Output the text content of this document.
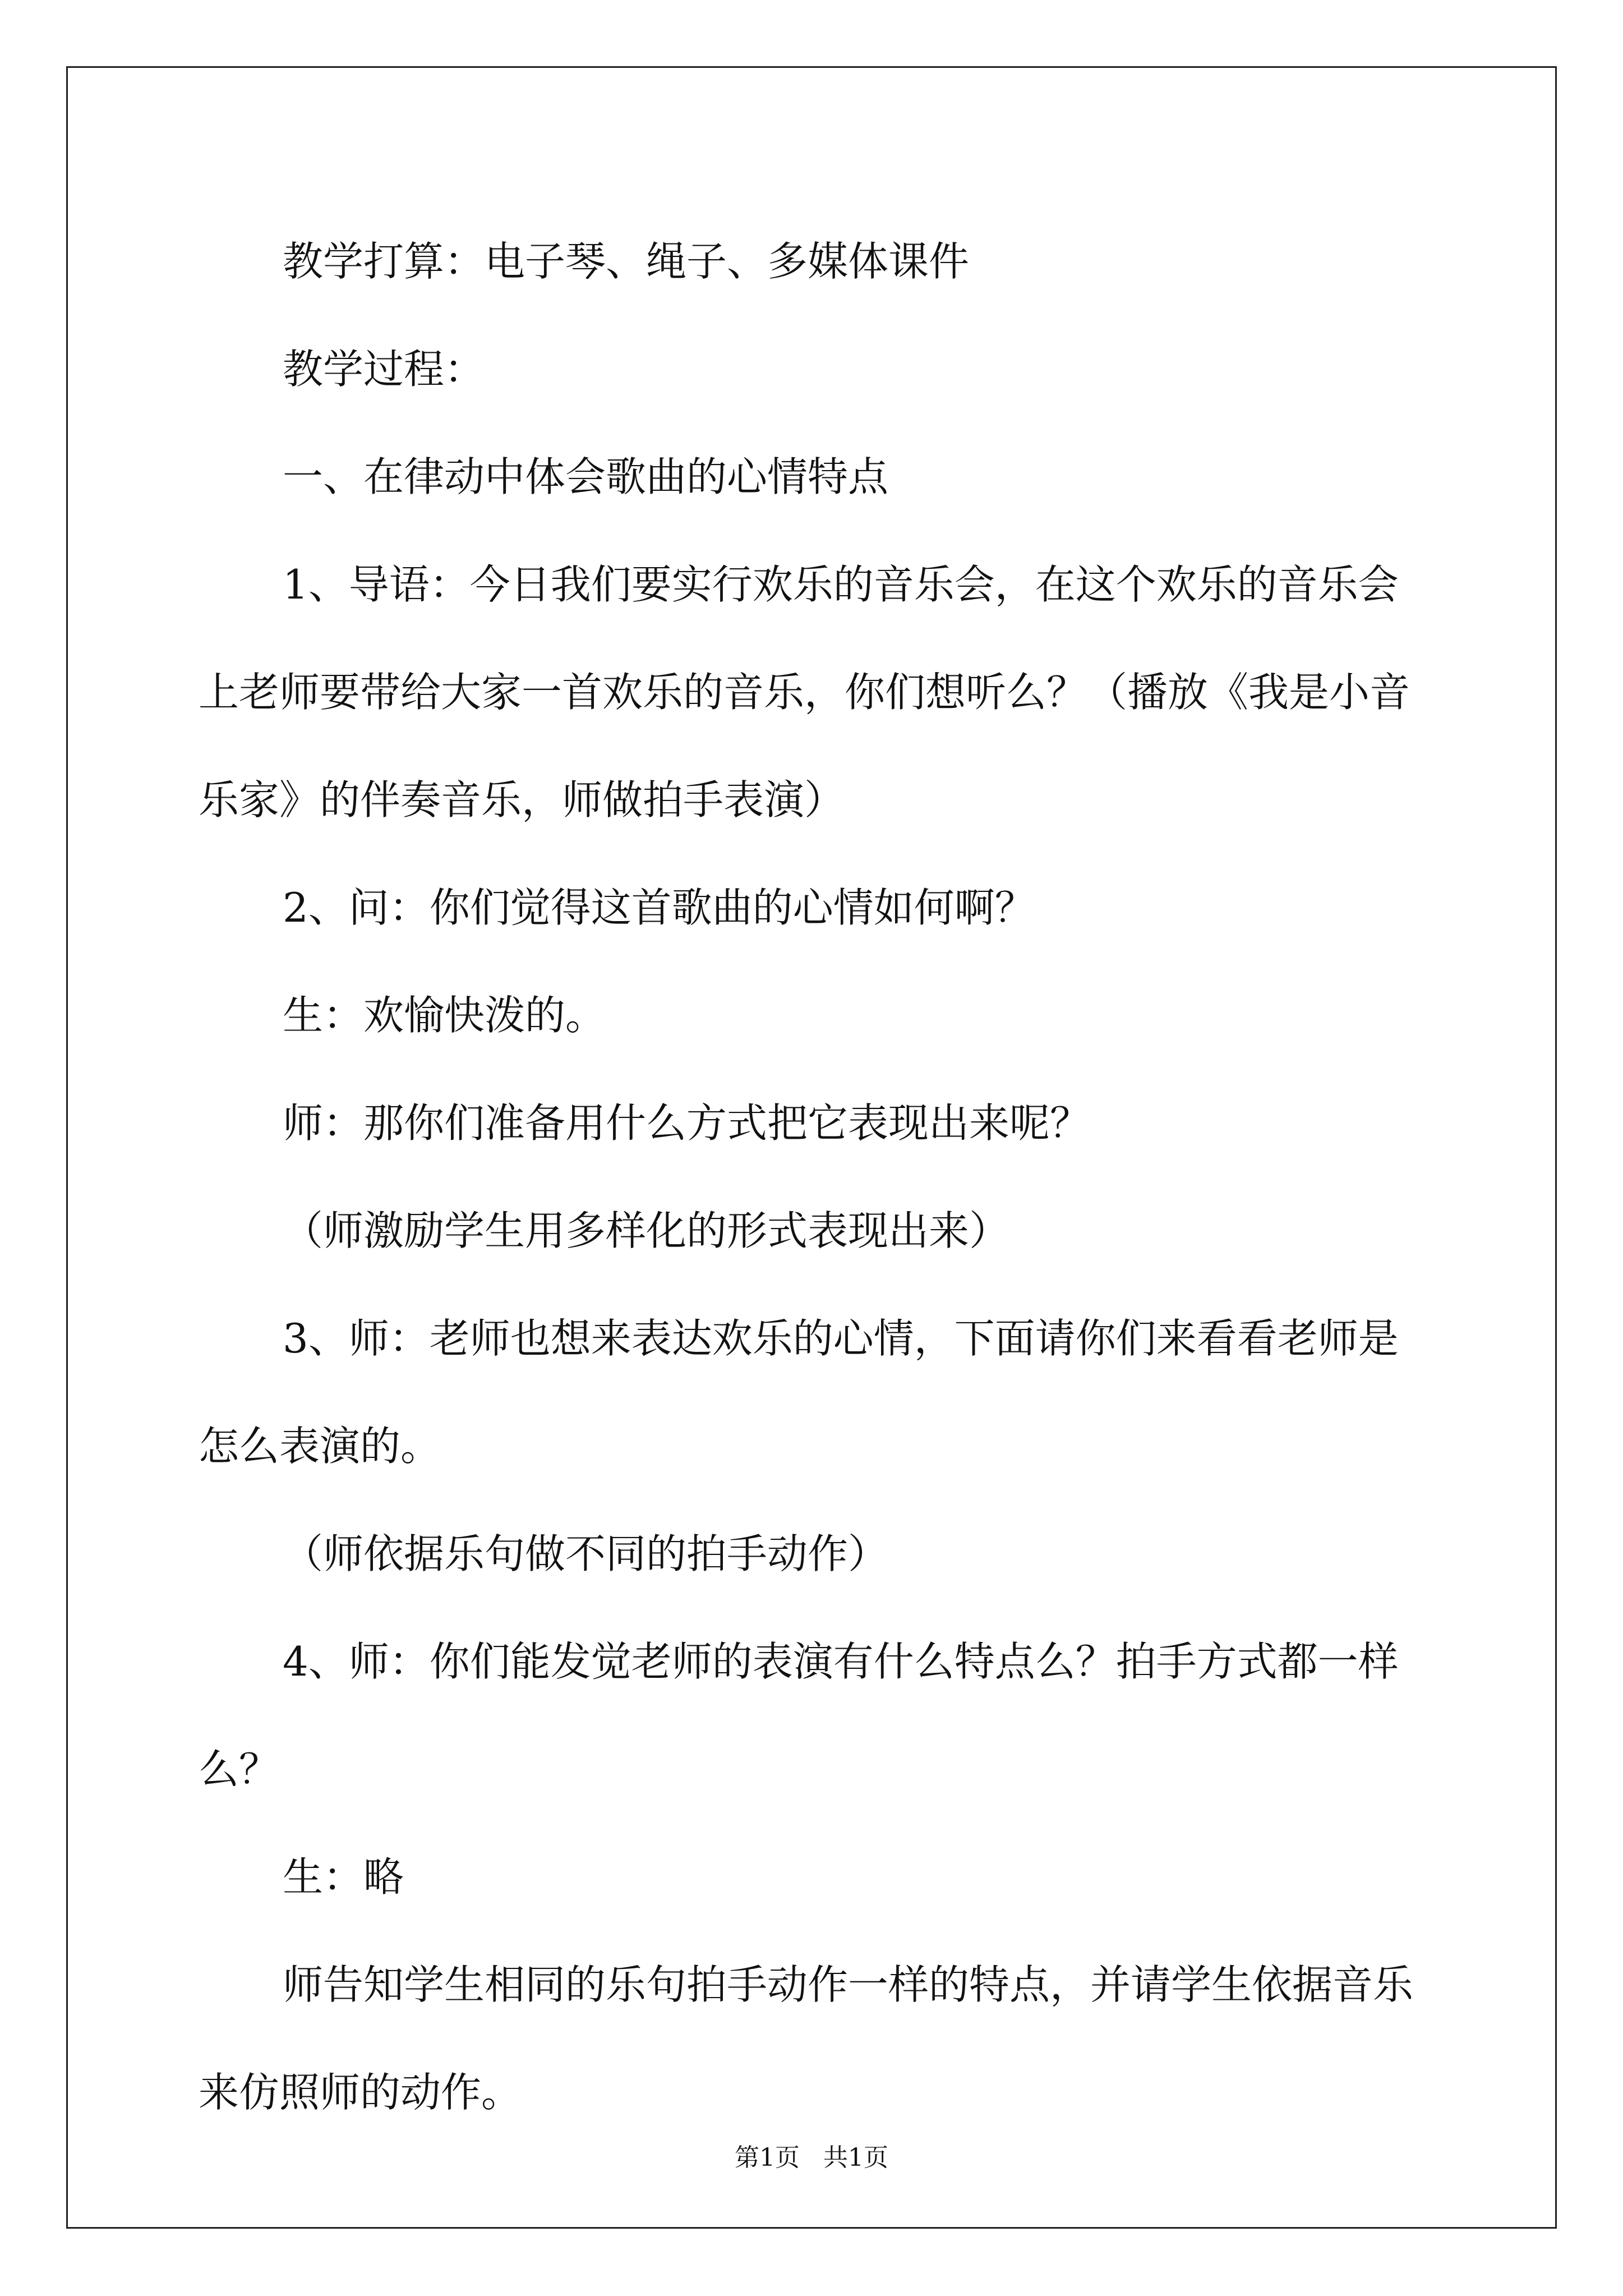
教学打算：电子琴、绳子、多媒体课件

教学过程：

一、在律动中体会歌曲的心情特点

1、导语：今日我们要实行欢乐的音乐会，在这个欢乐的音乐会上老师要带给大家一首欢乐的音乐，你们想听么？（播放《我是小音乐家》的伴奏音乐，师做拍手表演）

2、问：你们觉得这首歌曲的心情如何啊？

生：欢愉快泼的。

师：那你们准备用什么方式把它表现出来呢？

（师激励学生用多样化的形式表现出来）

3、师：老师也想来表达欢乐的心情，下面请你们来看看老师是怎么表演的。

（师依据乐句做不同的拍手动作）

4、师：你们能发觉老师的表演有什么特点么？拍手方式都一样么？

生：略

师告知学生相同的乐句拍手动作一样的特点，并请学生依据音乐来仿照师的动作。

第1页 共1页
